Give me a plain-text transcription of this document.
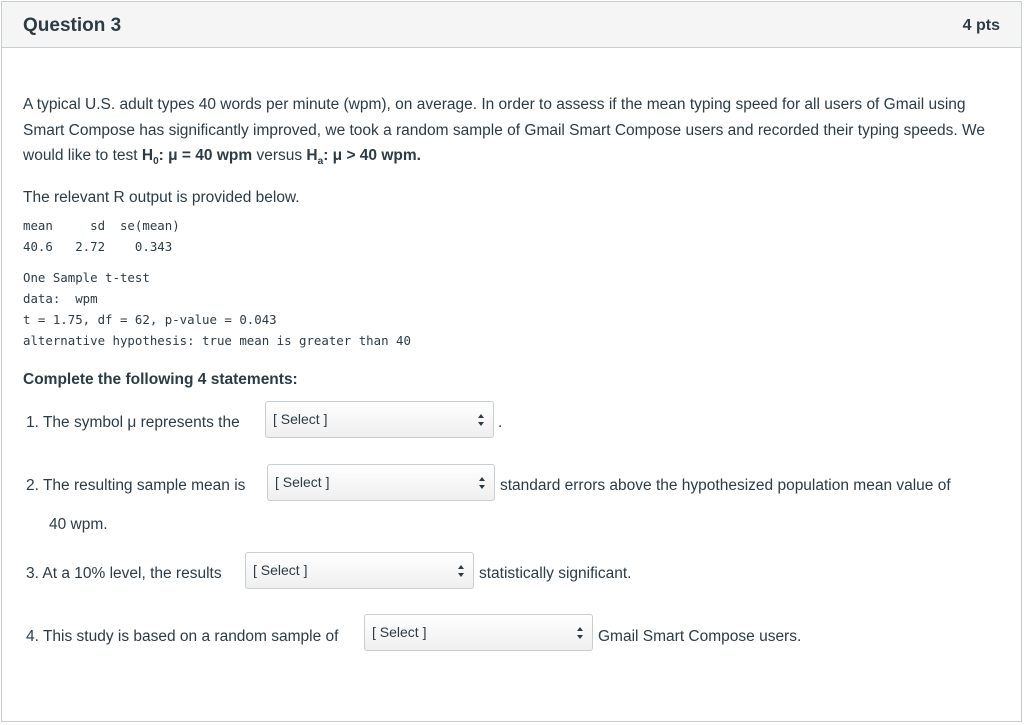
Question 3	4 pts

A typical U.S. adult types 40 words per minute (wpm), on average. In order to assess if the mean typing speed for all users of Gmail using Smart Compose has significantly improved, we took a random sample of Gmail Smart Compose users and recorded their typing speeds. We would like to test $H_0$: μ = 40 wpm versus $H_a$: μ > 40 wpm.

The relevant R output is provided below.

mean     sd  se(mean)
40.6   2.72    0.343
One Sample t-test
data:  wpm
t = 1.75, df = 62, p-value = 0.043
alternative hypothesis: true mean is greater than 40

Complete the following 4 statements:

1. The symbol μ represents the [ Select ]	.
2. The resulting sample mean is [ Select ]	standard errors above the hypothesized population mean value of
40 wpm.
3. At a 10% level, the results [ Select ]	statistically significant.
4. This study is based on a random sample of [ Select ]	Gmail Smart Compose users.
